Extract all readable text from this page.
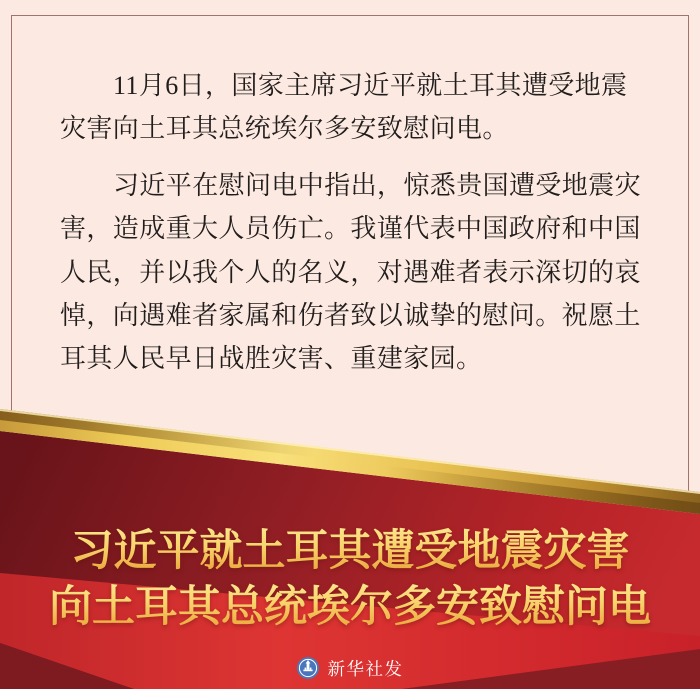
11月6日，国家主席习近平就土耳其遭受地震
灾害向土耳其总统埃尔多安致慰问电。
习近平在慰问电中指出，惊悉贵国遭受地震灾
害，造成重大人员伤亡。我谨代表中国政府和中国
人民，并以我个人的名义，对遇难者表示深切的哀
悼，向遇难者家属和伤者致以诚挚的慰问。祝愿土
耳其人民早日战胜灾害、重建家园。
习近平就土耳其遭受地震灾害
向土耳其总统埃尔多安致慰问电
新华社发
